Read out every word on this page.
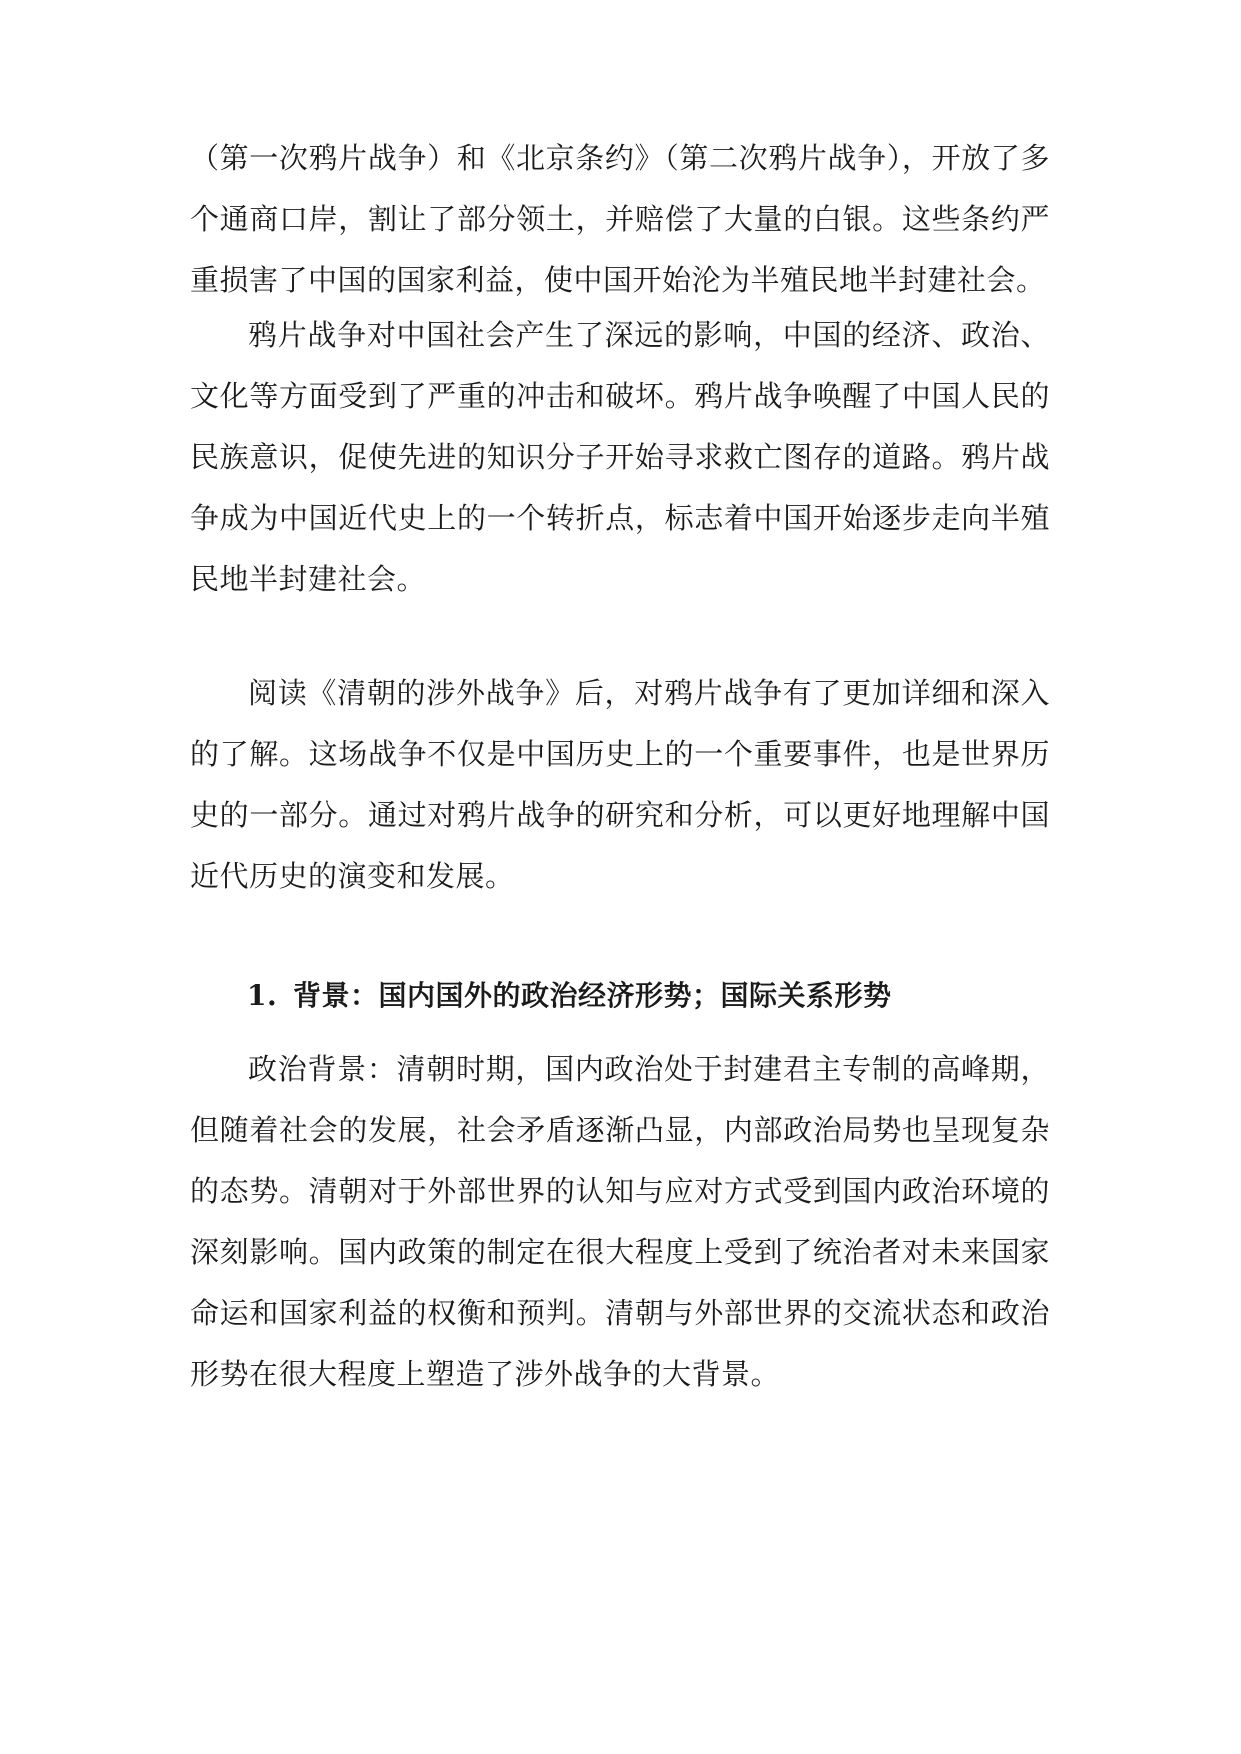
（第一次鸦片战争）和《北京条约》（第二次鸦片战争），开放了多个通商口岸，割让了部分领土，并赔偿了大量的白银。这些条约严重损害了中国的国家利益，使中国开始沦为半殖民地半封建社会。

鸦片战争对中国社会产生了深远的影响，中国的经济、政治、文化等方面受到了严重的冲击和破坏。鸦片战争唤醒了中国人民的民族意识，促使先进的知识分子开始寻求救亡图存的道路。鸦片战争成为中国近代史上的一个转折点，标志着中国开始逐步走向半殖民地半封建社会。

阅读《清朝的涉外战争》后，对鸦片战争有了更加详细和深入的了解。这场战争不仅是中国历史上的一个重要事件，也是世界历史的一部分。通过对鸦片战争的研究和分析，可以更好地理解中国近代历史的演变和发展。

1. 背景：国内国外的政治经济形势；国际关系形势

政治背景：清朝时期，国内政治处于封建君主专制的高峰期，但随着社会的发展，社会矛盾逐渐凸显，内部政治局势也呈现复杂的态势。清朝对于外部世界的认知与应对方式受到国内政治环境的深刻影响。国内政策的制定在很大程度上受到了统治者对未来国家命运和国家利益的权衡和预判。清朝与外部世界的交流状态和政治形势在很大程度上塑造了涉外战争的大背景。
